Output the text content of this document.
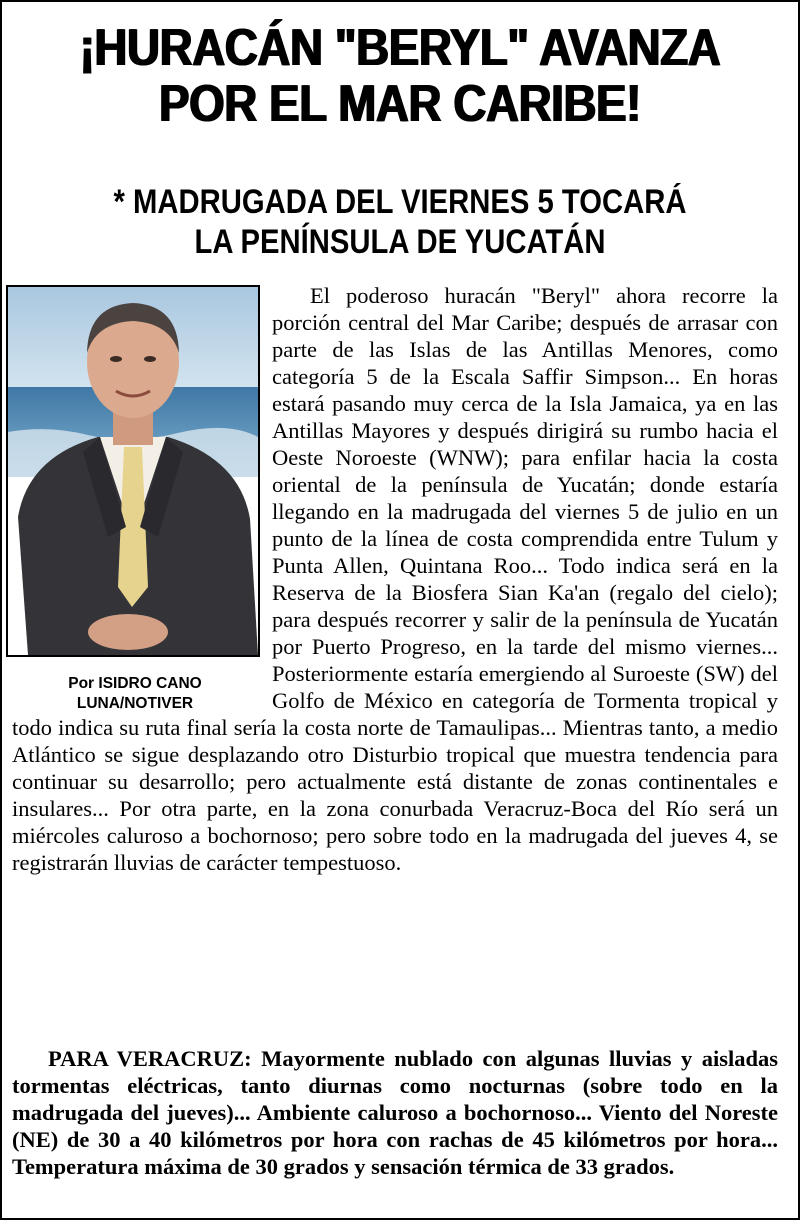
¡HURACÁN "BERYL" AVANZA
POR EL MAR CARIBE!
* MADRUGADA DEL VIERNES 5 TOCARÁ
LA PENÍNSULA DE YUCATÁN
Por ISIDRO CANO
LUNA/NOTIVER

El poderoso huracán "Beryl" ahora recorre la porción central del Mar Caribe; después de arrasar con parte de las Islas de las Antillas Menores, como categoría 5 de la Escala Saffir Simpson... En horas estará pasando muy cerca de la Isla Jamaica, ya en las Antillas Mayores y después dirigirá su rumbo hacia el Oeste Noroeste (WNW); para enfilar hacia la costa oriental de la península de Yucatán; donde estaría llegando en la madrugada del viernes 5 de julio en un punto de la línea de costa comprendida entre Tulum y Punta Allen, Quintana Roo... Todo indica será en la Reserva de la Biosfera Sian Ka'an (regalo del cielo); para después recorrer y salir de la península de Yucatán por Puerto Progreso, en la tarde del mismo viernes... Posteriormente estaría emergiendo al Suroeste (SW) del Golfo de México en categoría de Tormenta tropical y todo indica su ruta final sería la costa norte de Tamaulipas... Mientras tanto, a medio Atlántico se sigue desplazando otro Disturbio tropical que muestra tendencia para continuar su desarrollo; pero actualmente está distante de zonas continentales e insulares... Por otra parte, en la zona conurbada Veracruz-Boca del Río será un miércoles caluroso a bochornoso; pero sobre todo en la madrugada del jueves 4, se registrarán lluvias de carácter tempestuoso.

PARA VERACRUZ: Mayormente nublado con algunas lluvias y aisladas tormentas eléctricas, tanto diurnas como nocturnas (sobre todo en la madrugada del jueves)... Ambiente caluroso a bochornoso... Viento del Noreste (NE) de 30 a 40 kilómetros por hora con rachas de 45 kilómetros por hora... Temperatura máxima de 30 grados y sensación térmica de 33 grados.
